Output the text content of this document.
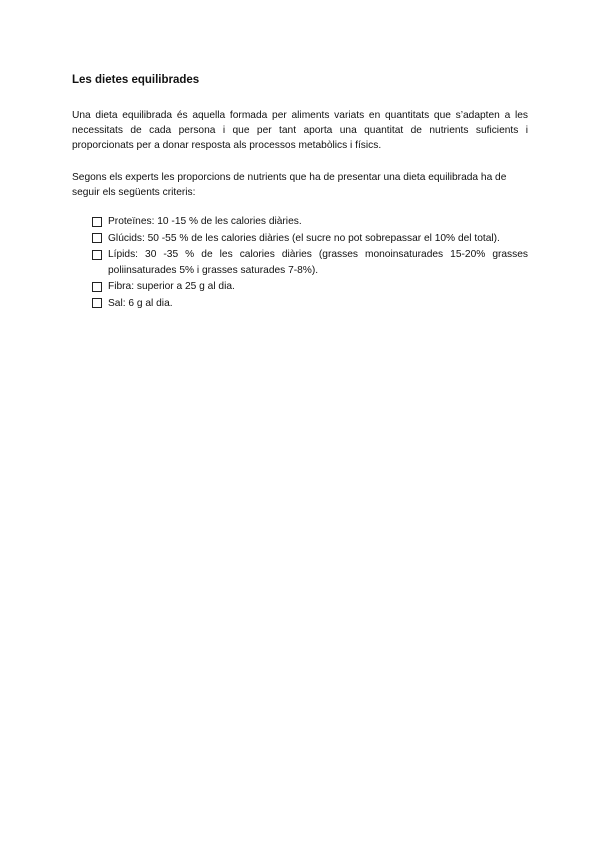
Les dietes equilibrades

Una dieta equilibrada és aquella formada per aliments variats en quantitats que s’adapten a les necessitats de cada persona i que per tant aporta una quantitat de nutrients suficients i proporcionats per a donar resposta als processos metabòlics i físics.

Segons els experts les proporcions de nutrients que ha de presentar una dieta equilibrada ha de seguir els següents criteris:

Proteïnes: 10 -15 % de les calories diàries.
Glúcids: 50 -55 % de les calories diàries (el sucre no pot sobrepassar el 10% del total).
Lípids: 30 -35 % de les calories diàries (grasses monoinsaturades 15-20% grasses poliinsaturades 5% i grasses saturades 7-8%).
Fibra: superior a 25 g al dia.
Sal: 6 g al dia.
